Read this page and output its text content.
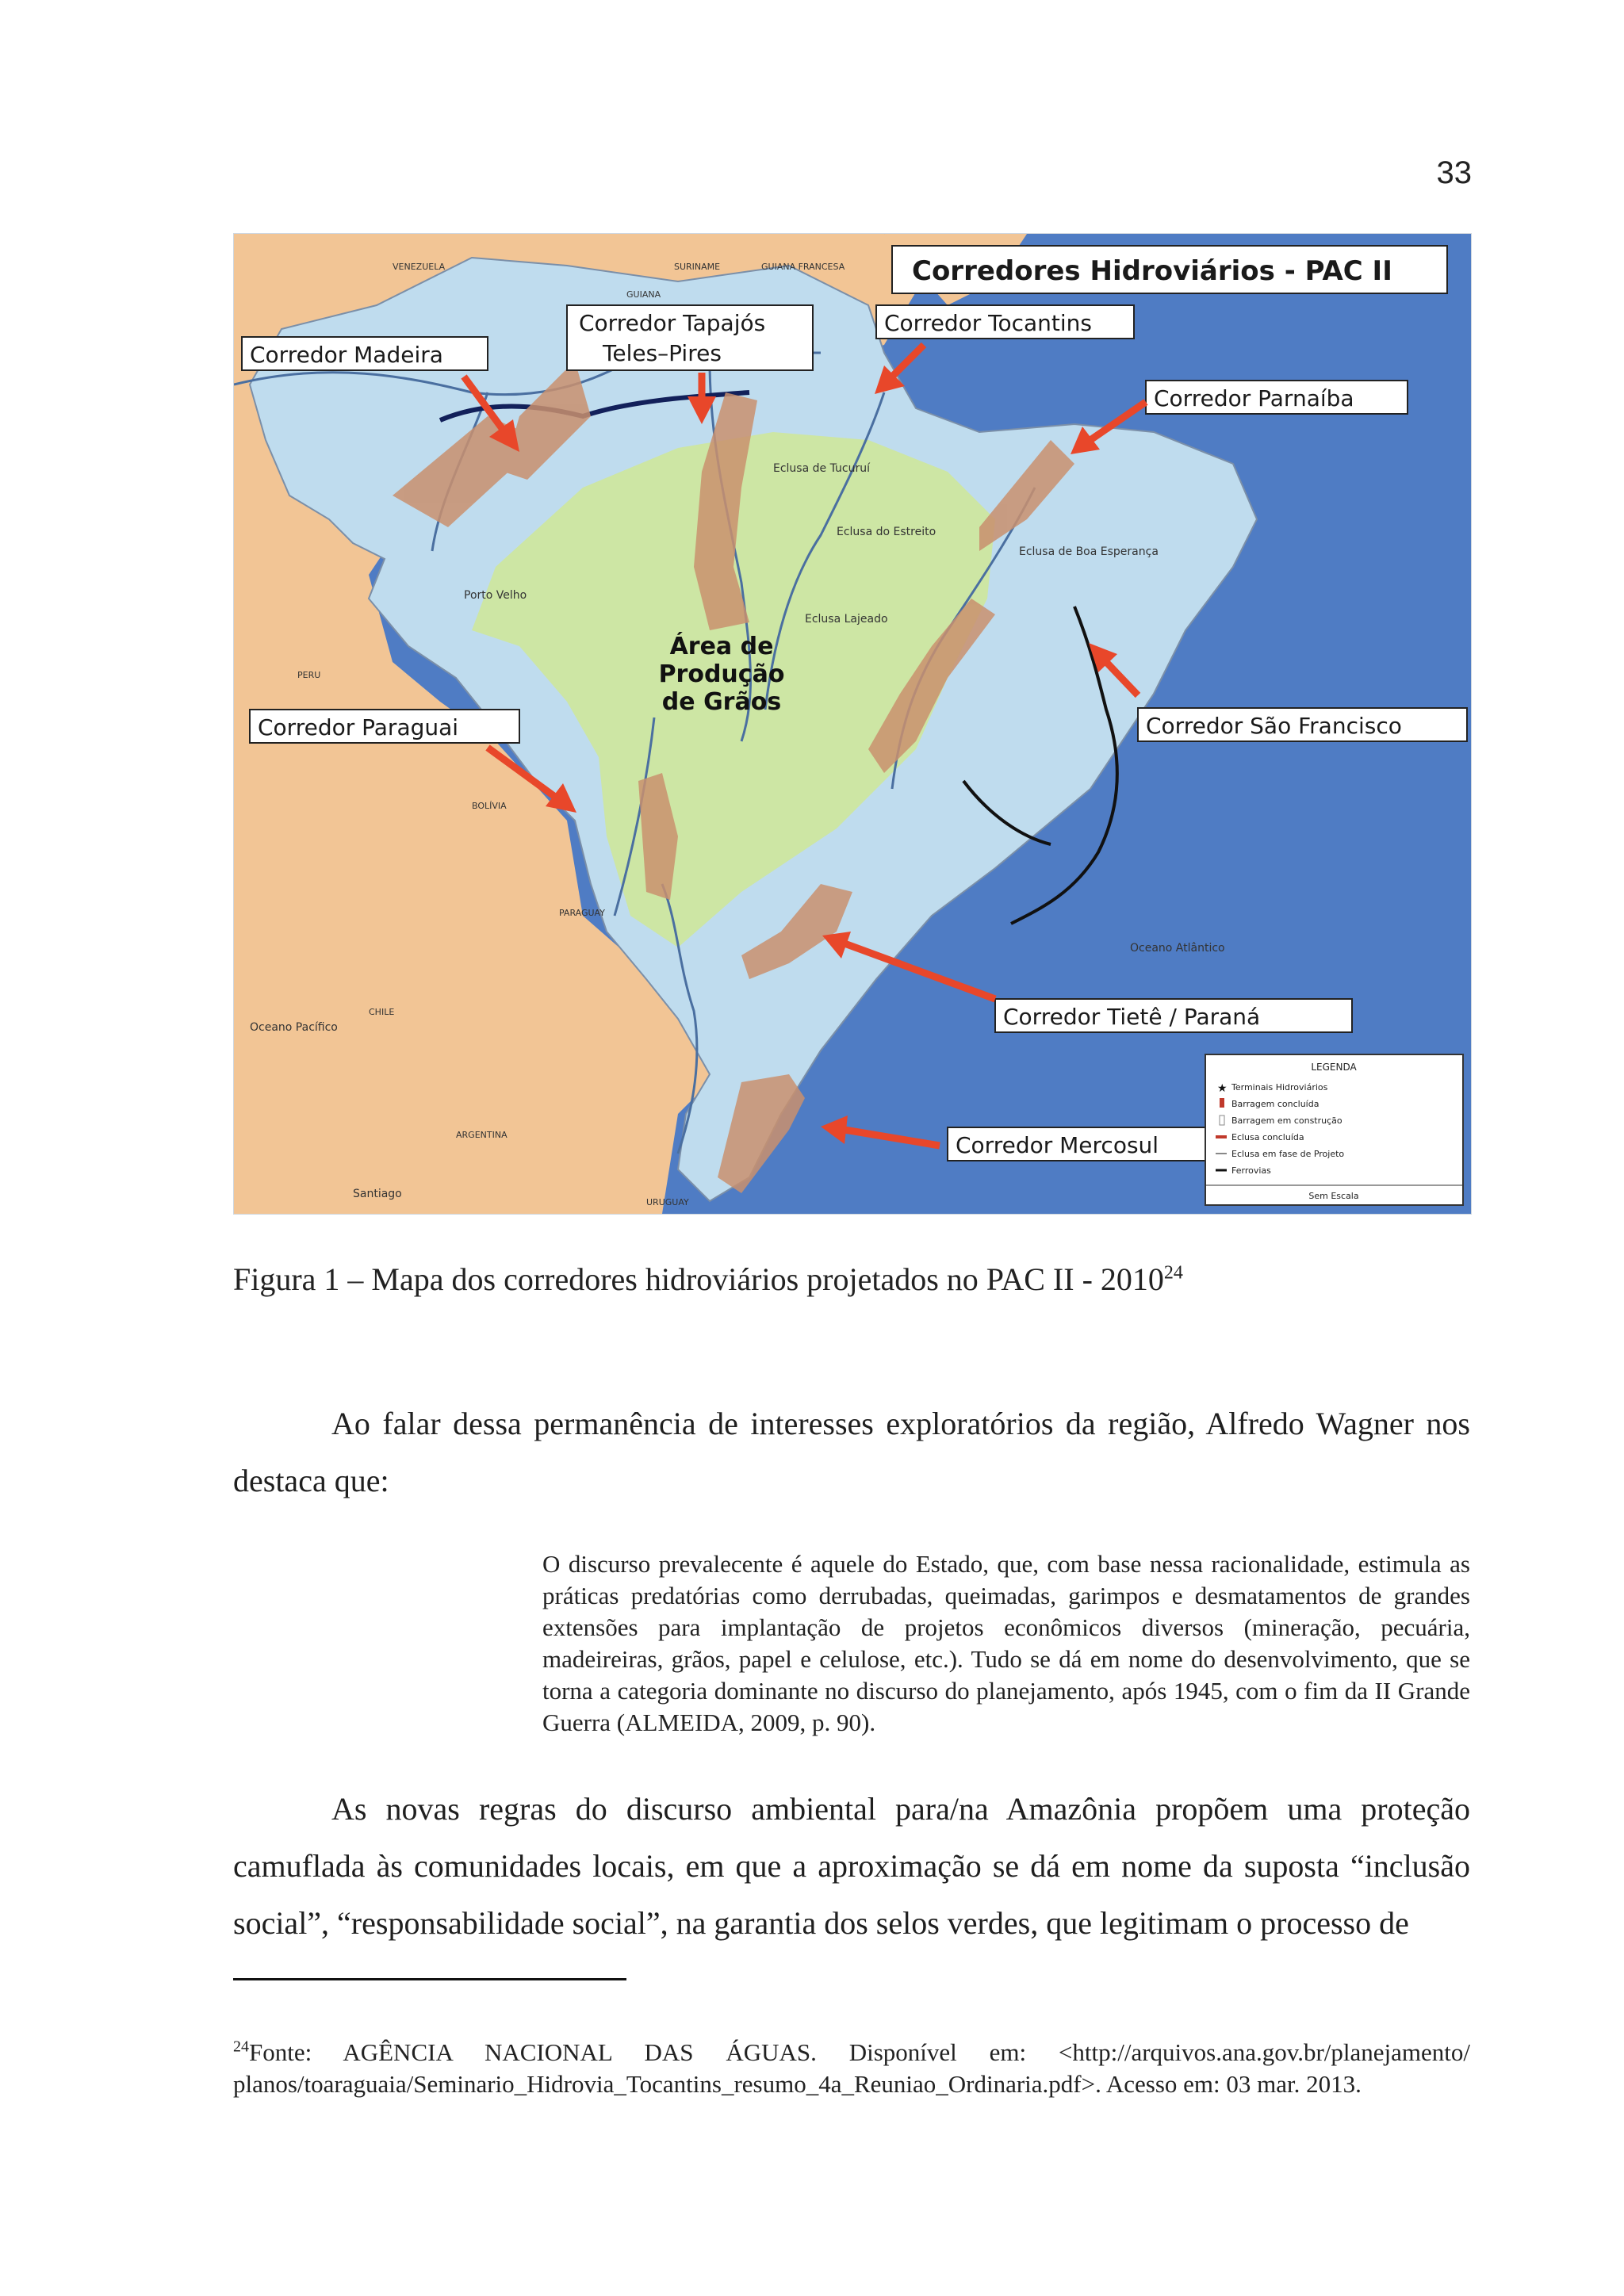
33
VENEZUELA
GUIANA
SURINAME	GUIANA FRANCESA
PERU
BOLÍVIA
PARAGUAY
CHILE
ARGENTINA
URUGUAY
Porto Velho
Eclusa de Tucuruí
Eclusa do Estreito
Eclusa Lajeado
Eclusa de Boa Esperança
Oceano Pacífico
Oceano Atlântico
Santiago
Corredores Hidroviários - PAC II
Corredor Madeira
Corredor Tapajós
Teles–Pires
Corredor Tocantins
Corredor Parnaíba
Corredor Paraguai	Corredor São Francisco
Corredor Tietê / Paraná
Corredor Mercosul
Área de
Produção
de Grãos
LEGENDA
★ Terminais Hidroviários
Barragem concluída
Barragem em construção
Eclusa concluída
Eclusa em fase de Projeto
Ferrovias
Sem Escala
Figura 1 – Mapa dos corredores hidroviários projetados no PAC II - 2010$^{24}$

Ao falar dessa permanência de interesses exploratórios da região, Alfredo Wagner nos destaca que:

O discurso prevalecente é aquele do Estado, que, com base nessa racionalidade, estimula as práticas predatórias como derrubadas, queimadas, garimpos e desmatamentos de grandes extensões para implantação de projetos econômicos diversos (mineração, pecuária, madeireiras, grãos, papel e celulose, etc.). Tudo se dá em nome do desenvolvimento, que se torna a categoria dominante no discurso do planejamento, após 1945, com o fim da II Grande Guerra (ALMEIDA, 2009, p. 90).

As novas regras do discurso ambiental para/na Amazônia propõem uma proteção camuflada às comunidades locais, em que a aproximação se dá em nome da suposta “inclusão social”, “responsabilidade social”, na garantia dos selos verdes, que legitimam o processo de

$^{24}$Fonte: AGÊNCIA NACIONAL DAS ÁGUAS. Disponível em: <http://arquivos.ana.gov.br/planejamento/ planos/toaraguaia/Seminario_Hidrovia_Tocantins_resumo_4a_Reuniao_Ordinaria.pdf>. Acesso em: 03 mar. 2013.
